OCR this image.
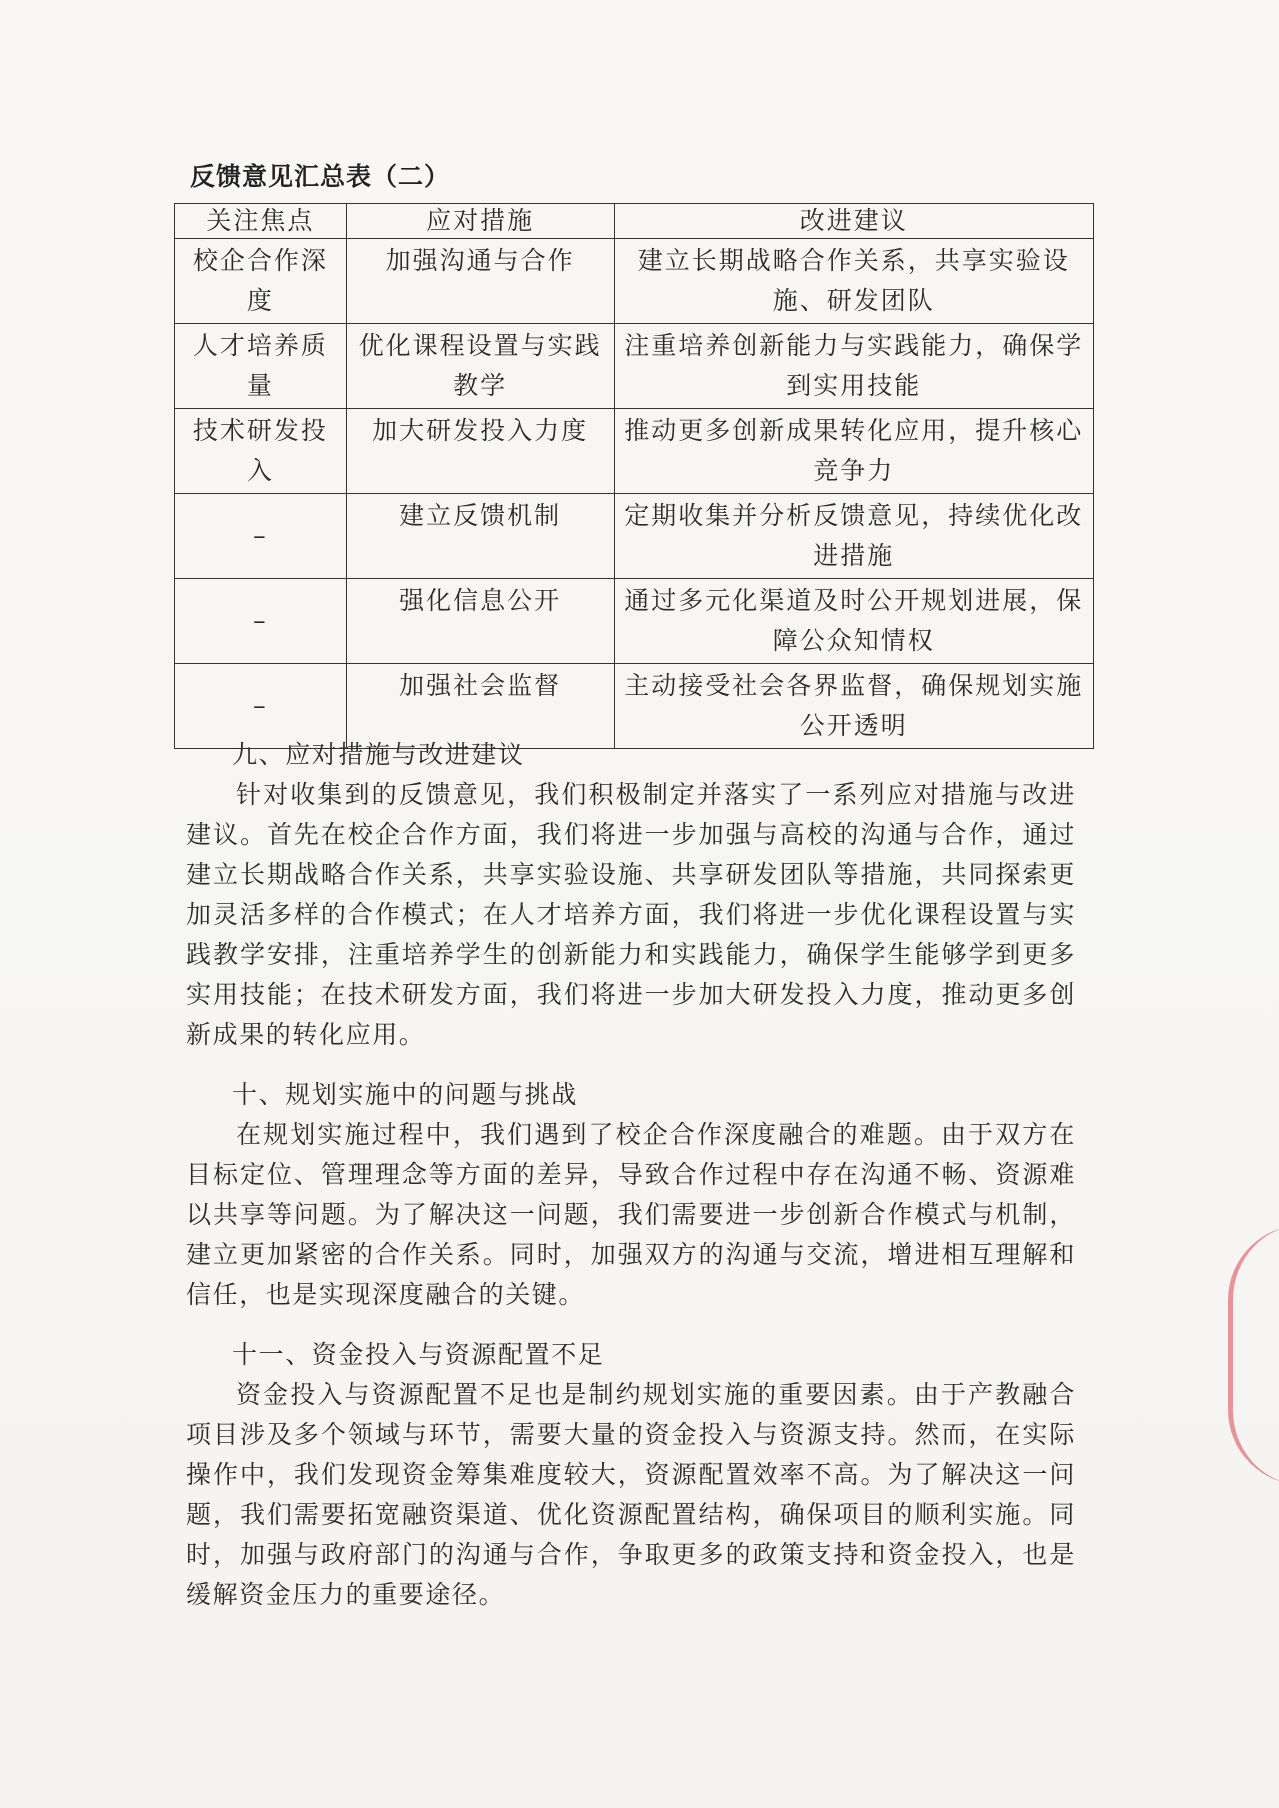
反馈意见汇总表（二）
关注焦点	应对措施	改进建议
校企合作深度	加强沟通与合作	建立长期战略合作关系，共享实验设施、研发团队
人才培养质量	优化课程设置与实践教学	注重培养创新能力与实践能力，确保学到实用技能
技术研发投入	加大研发投入力度	推动更多创新成果转化应用，提升核心竞争力
–	建立反馈机制	定期收集并分析反馈意见，持续优化改进措施
–	强化信息公开	通过多元化渠道及时公开规划进展，保障公众知情权
–	加强社会监督	主动接受社会各界监督，确保规划实施公开透明
九、应对措施与改进建议

针对收集到的反馈意见，我们积极制定并落实了一系列应对措施与改进建议。首先在校企合作方面，我们将进一步加强与高校的沟通与合作，通过建立长期战略合作关系，共享实验设施、共享研发团队等措施，共同探索更加灵活多样的合作模式；在人才培养方面，我们将进一步优化课程设置与实践教学安排，注重培养学生的创新能力和实践能力，确保学生能够学到更多实用技能；在技术研发方面，我们将进一步加大研发投入力度，推动更多创新成果的转化应用。

十、规划实施中的问题与挑战

在规划实施过程中，我们遇到了校企合作深度融合的难题。由于双方在目标定位、管理理念等方面的差异，导致合作过程中存在沟通不畅、资源难以共享等问题。为了解决这一问题，我们需要进一步创新合作模式与机制，建立更加紧密的合作关系。同时，加强双方的沟通与交流，增进相互理解和信任，也是实现深度融合的关键。

十一、资金投入与资源配置不足

资金投入与资源配置不足也是制约规划实施的重要因素。由于产教融合项目涉及多个领域与环节，需要大量的资金投入与资源支持。然而，在实际操作中，我们发现资金筹集难度较大，资源配置效率不高。为了解决这一问题，我们需要拓宽融资渠道、优化资源配置结构，确保项目的顺利实施。同时，加强与政府部门的沟通与合作，争取更多的政策支持和资金投入，也是缓解资金压力的重要途径。
